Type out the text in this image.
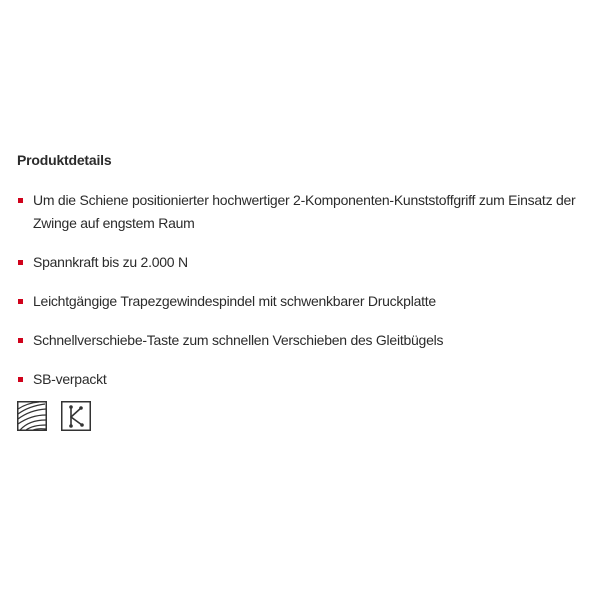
Produktdetails
Um die Schiene positionierter hochwertiger 2-Komponenten-Kunststoffgriff zum Einsatz der Zwinge auf engstem Raum
Spannkraft bis zu 2.000 N
Leichtgängige Trapezgewindespindel mit schwenkbarer Druckplatte
Schnellverschiebe-Taste zum schnellen Verschieben des Gleitbügels
SB-verpackt
